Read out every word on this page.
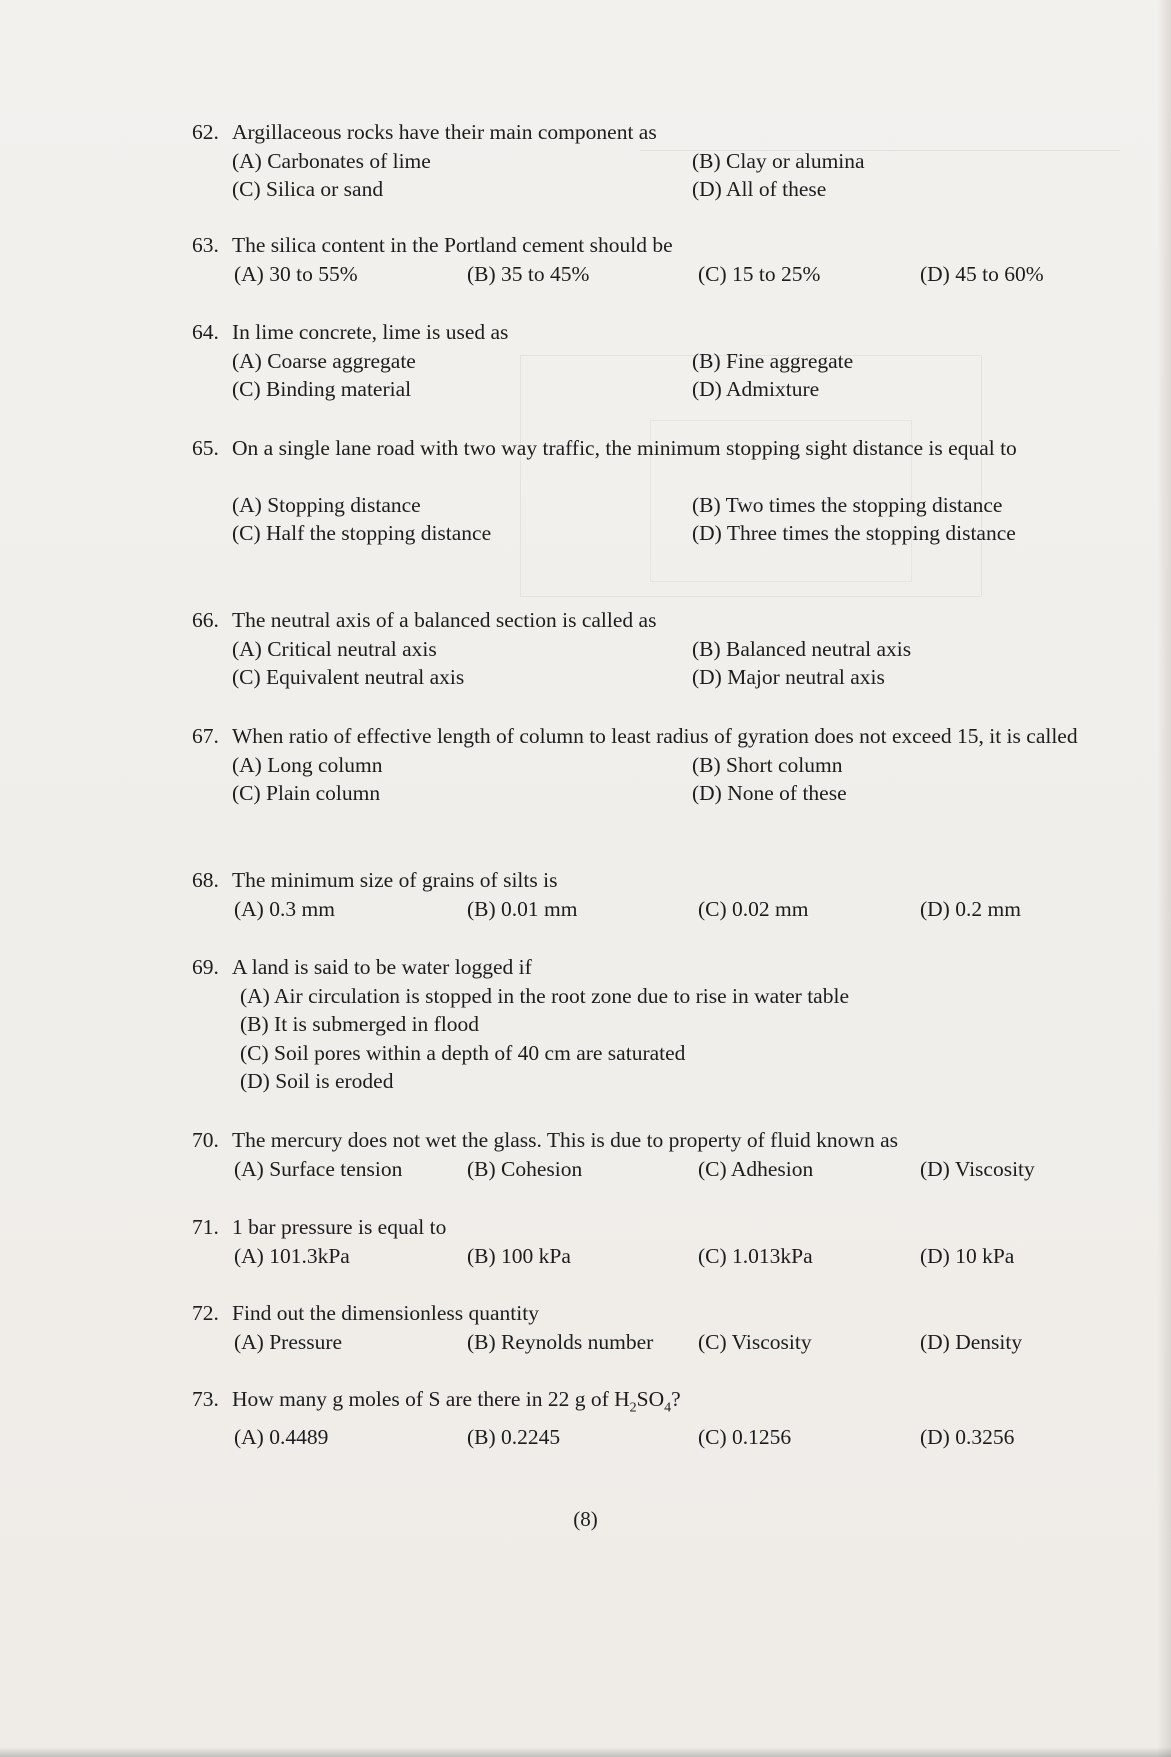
62. Argillaceous rocks have their main component as
(A) Carbonates of lime	(B) Clay or alumina
(C) Silica or sand	(D) All of these
63. The silica content in the Portland cement should be
(A) 30 to 55%	(B) 35 to 45%	(C) 15 to 25%	(D) 45 to 60%
64. In lime concrete, lime is used as
(A) Coarse aggregate	(B) Fine aggregate
(C) Binding material	(D) Admixture
65. On a single lane road with two way traffic, the minimum stopping sight distance is equal to
(A) Stopping distance	(B) Two times the stopping distance
(C) Half the stopping distance	(D) Three times the stopping distance
66. The neutral axis of a balanced section is called as
(A) Critical neutral axis	(B) Balanced neutral axis
(C) Equivalent neutral axis	(D) Major neutral axis
67. When ratio of effective length of column to least radius of gyration does not exceed 15, it is called
(A) Long column	(B) Short column
(C) Plain column	(D) None of these
68. The minimum size of grains of silts is
(A) 0.3 mm	(B) 0.01 mm	(C) 0.02 mm	(D) 0.2 mm
69. A land is said to be water logged if
(A) Air circulation is stopped in the root zone due to rise in water table
(B) It is submerged in flood
(C) Soil pores within a depth of 40 cm are saturated
(D) Soil is eroded
70. The mercury does not wet the glass. This is due to property of fluid known as
(A) Surface tension	(B) Cohesion	(C) Adhesion	(D) Viscosity
71. 1 bar pressure is equal to
(A) 101.3kPa	(B) 100 kPa	(C) 1.013kPa	(D) 10 kPa
72. Find out the dimensionless quantity
(A) Pressure	(B) Reynolds number	(C) Viscosity	(D) Density
73. How many g moles of S are there in 22 g of $H_2SO_4$?
(A) 0.4489	(B) 0.2245	(C) 0.1256	(D) 0.3256
(8)
